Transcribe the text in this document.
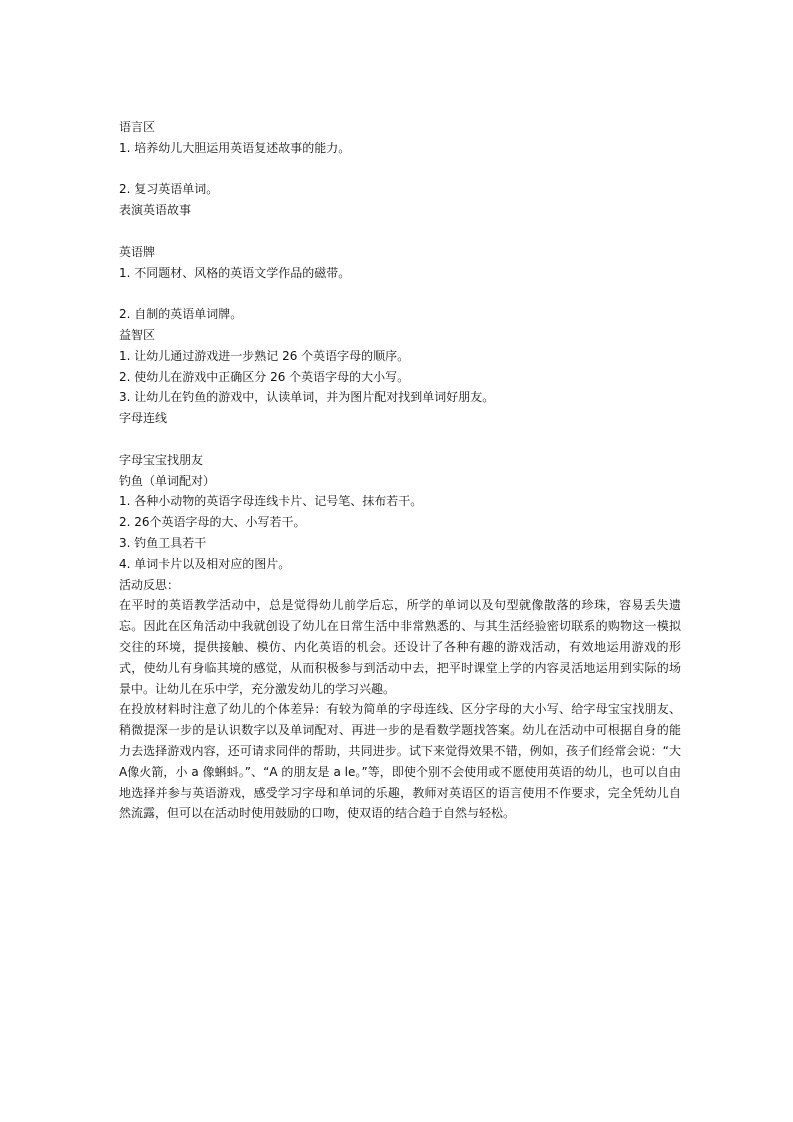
语言区
1. 培养幼儿大胆运用英语复述故事的能力。
2. 复习英语单词。
表演英语故事
英语牌
1. 不同题材、风格的英语文学作品的磁带。
2. 自制的英语单词牌。
益智区
1. 让幼儿通过游戏进一步熟记 26 个英语字母的顺序。
2. 使幼儿在游戏中正确区分 26 个英语字母的大小写。
3. 让幼儿在钓鱼的游戏中，认读单词，并为图片配对找到单词好朋友。
字母连线
字母宝宝找朋友
钓鱼（单词配对）
1. 各种小动物的英语字母连线卡片、记号笔、抹布若干。
2. 26个英语字母的大、小写若干。
3. 钓鱼工具若干
4. 单词卡片以及相对应的图片。
活动反思：
在平时的英语教学活动中，总是觉得幼儿前学后忘，所学的单词以及句型就像散落的珍珠，容易丢失遗忘。因此在区角活动中我就创设了幼儿在日常生活中非常熟悉的、与其生活经验密切联系的购物这一模拟交往的环境，提供接触、模仿、内化英语的机会。还设计了各种有趣的游戏活动，有效地运用游戏的形式，使幼儿有身临其境的感觉，从而积极参与到活动中去，把平时课堂上学的内容灵活地运用到实际的场景中。让幼儿在乐中学，充分激发幼儿的学习兴趣。
在投放材料时注意了幼儿的个体差异：有较为简单的字母连线、区分字母的大小写、给字母宝宝找朋友、稍微提深一步的是认识数字以及单词配对、再进一步的是看数学题找答案。幼儿在活动中可根据自身的能力去选择游戏内容，还可请求同伴的帮助，共同进步。试下来觉得效果不错，例如，孩子们经常会说：“大A像火箭，小 a 像蝌蚪。”、“A 的朋友是 a le。”等，即使个别不会使用或不愿使用英语的幼儿，也可以自由地选择并参与英语游戏，感受学习字母和单词的乐趣，教师对英语区的语言使用不作要求，完全凭幼儿自然流露，但可以在活动时使用鼓励的口吻，使双语的结合趋于自然与轻松。
